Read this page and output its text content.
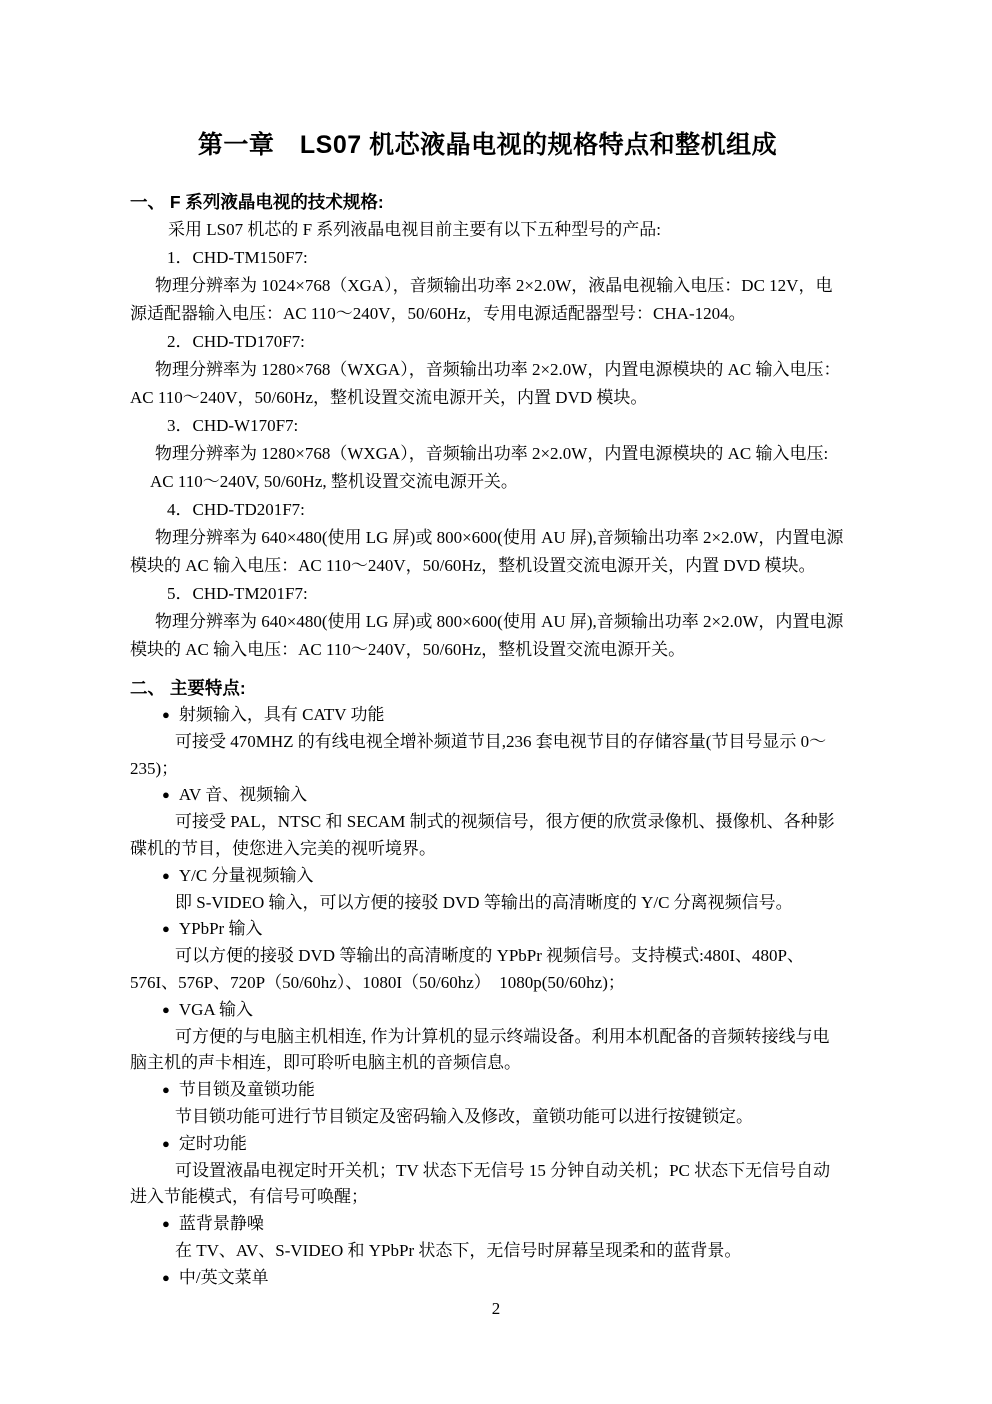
第一章　LS07 机芯液晶电视的规格特点和整机组成
一、 F 系列液晶电视的技术规格:

采用 LS07 机芯的 F 系列液晶电视目前主要有以下五种型号的产品:

1．CHD-TM150F7:

物理分辨率为 1024×768（XGA），音频输出功率 2×2.0W，液晶电视输入电压：DC 12V，电源适配器输入电压：AC 110～240V，50/60Hz，专用电源适配器型号：CHA-1204。

2．CHD-TD170F7:

物理分辨率为 1280×768（WXGA），音频输出功率 2×2.0W，内置电源模块的 AC 输入电压：AC 110～240V，50/60Hz，整机设置交流电源开关，内置 DVD 模块。

3．CHD-W170F7:

物理分辨率为 1280×768（WXGA），音频输出功率 2×2.0W，内置电源模块的 AC 输入电压: AC 110～240V, 50/60Hz, 整机设置交流电源开关。

4．CHD-TD201F7:

物理分辨率为 640×480(使用 LG 屏)或 800×600(使用 AU 屏),音频输出功率 2×2.0W，内置电源模块的 AC 输入电压：AC 110～240V，50/60Hz，整机设置交流电源开关，内置 DVD 模块。

5．CHD-TM201F7:

物理分辨率为 640×480(使用 LG 屏)或 800×600(使用 AU 屏),音频输出功率 2×2.0W，内置电源模块的 AC 输入电压：AC 110～240V，50/60Hz，整机设置交流电源开关。

二、 主要特点:

● 射频输入，具有 CATV 功能

可接受 470MHZ 的有线电视全增补频道节目,236 套电视节目的存储容量(节目号显示 0～235)；

● AV 音、视频输入

可接受 PAL，NTSC 和 SECAM 制式的视频信号，很方便的欣赏录像机、摄像机、各种影碟机的节目，使您进入完美的视听境界。

● Y/C 分量视频输入

即 S-VIDEO 输入，可以方便的接驳 DVD 等输出的高清晰度的 Y/C 分离视频信号。

● YPbPr 输入

可以方便的接驳 DVD 等输出的高清晰度的 YPbPr 视频信号。支持模式:480I、480P、576I、576P、720P（50/60hz）、1080I（50/60hz）  1080p(50/60hz)；

● VGA 输入

可方便的与电脑主机相连, 作为计算机的显示终端设备。利用本机配备的音频转接线与电脑主机的声卡相连，即可聆听电脑主机的音频信息。

● 节目锁及童锁功能

节目锁功能可进行节目锁定及密码输入及修改，童锁功能可以进行按键锁定。

● 定时功能

可设置液晶电视定时开关机；TV 状态下无信号 15 分钟自动关机；PC 状态下无信号自动进入节能模式，有信号可唤醒；

● 蓝背景静噪

在 TV、AV、S-VIDEO 和 YPbPr 状态下，无信号时屏幕呈现柔和的蓝背景。

● 中/英文菜单

2
